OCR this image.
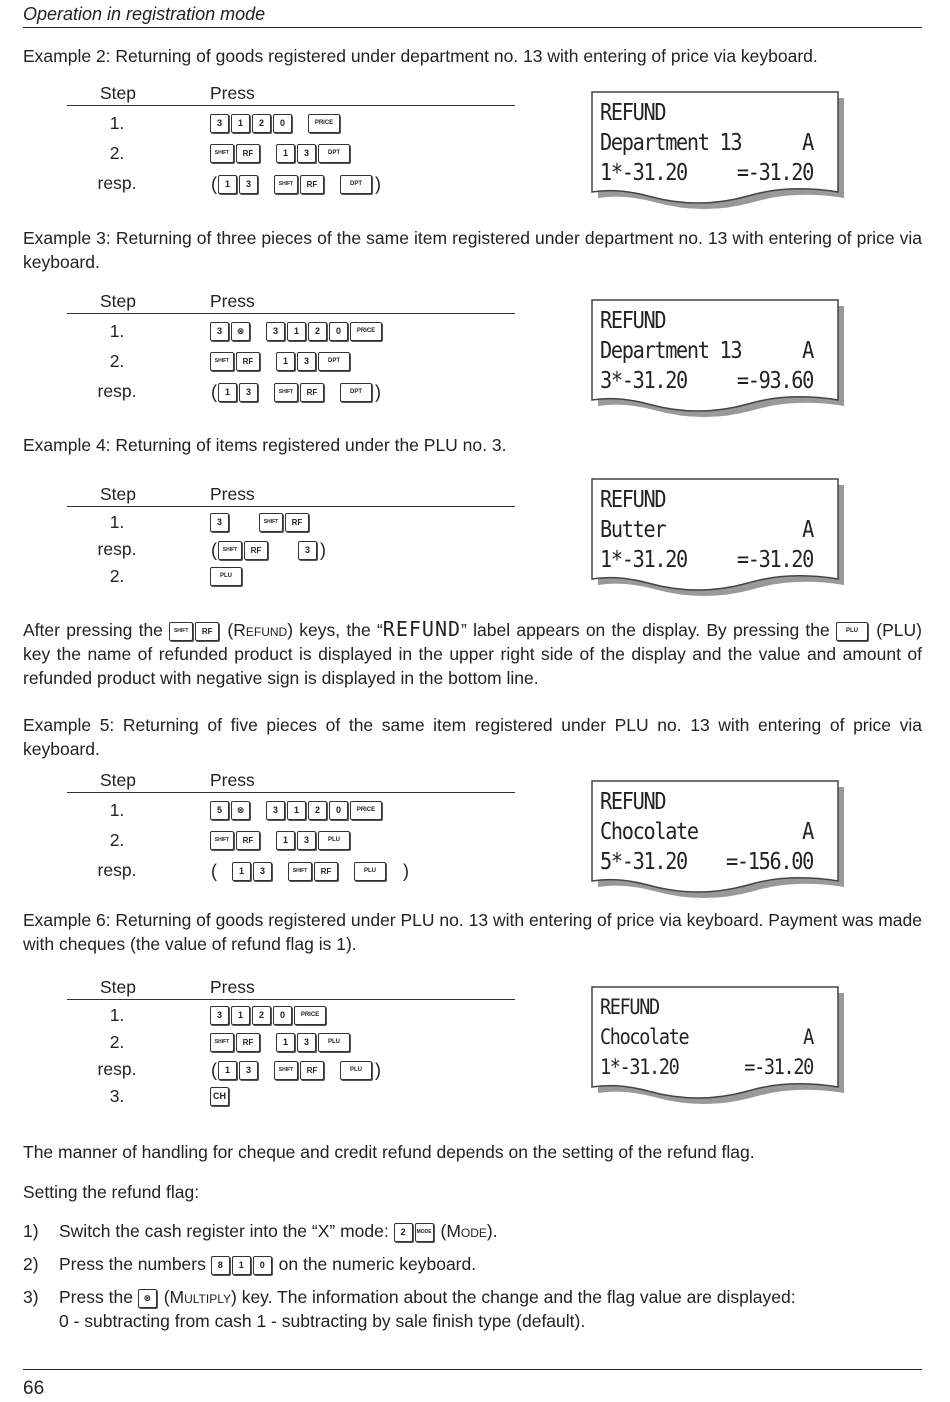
Operation in registration mode
Example 2: Returning of goods registered under department no. 13 with entering of price via keyboard.
Step	Press
1.	3	1	2	0	PRICE
2.	SHIFT	RF	1	3	DPT
resp.	( 1	3	SHIFT	RF	DPT )
REFUND
Department 13	A
1*-31.20 =-31.20
Example 3: Returning of three pieces of the same item registered under department no. 13 with entering of price via keyboard.
Step	Press
1.	3	⊗	3	1	2	0	PRICE
2.	SHIFT	RF	1	3	DPT
resp.	( 1	3	SHIFT	RF	DPT )
REFUND
Department 13	A
3*-31.20 =-93.60
Example 4: Returning of items registered under the PLU no. 3.
Step	Press
1.	3	SHIFT	RF
resp.	(	SHIFT	RF	3 )
2.	PLU
REFUND
Butter	A
1*-31.20 =-31.20
After pressing the	SHIFT	RF (Refund) keys, the “REFUND” label appears on the display. By pressing the	PLU	(PLU) key the name of refunded product is displayed in the upper right side of the display and the value and amount of refunded product with negative sign is displayed in the bottom line.
Example 5: Returning of five pieces of the same item registered under PLU no. 13 with entering of price via keyboard.
Step	Press
1.	5	⊗	3	1	2	0	PRICE
2.	SHIFT	RF	1	3	PLU
resp.	(	1	3	SHIFT	RF	PLU	)
REFUND
Chocolate	A
5*-31.20 =-156.00
Example 6: Returning of goods registered under PLU no. 13 with entering of price via keyboard. Payment was made with cheques (the value of refund flag is 1).
Step	Press
1.	3	1	2	0	PRICE
2.	SHIFT	RF	1	3	PLU
resp.	( 1	3	SHIFT	RF	PLU )
3.	CH
REFUND
Chocolate	A
1*-31.20	=-31.20
The manner of handling for cheque and credit refund depends on the setting of the refund flag.
Setting the refund flag:
1) Switch the cash register into the “X” mode:	2	MODE (Mode).
2) Press the numbers	8	1	0 on the numeric keyboard.
3) Press the	⊗ (Multiply) key. The information about the change and the flag value are displayed:
0 - subtracting from cash 1 - subtracting by sale finish type (default).
66
